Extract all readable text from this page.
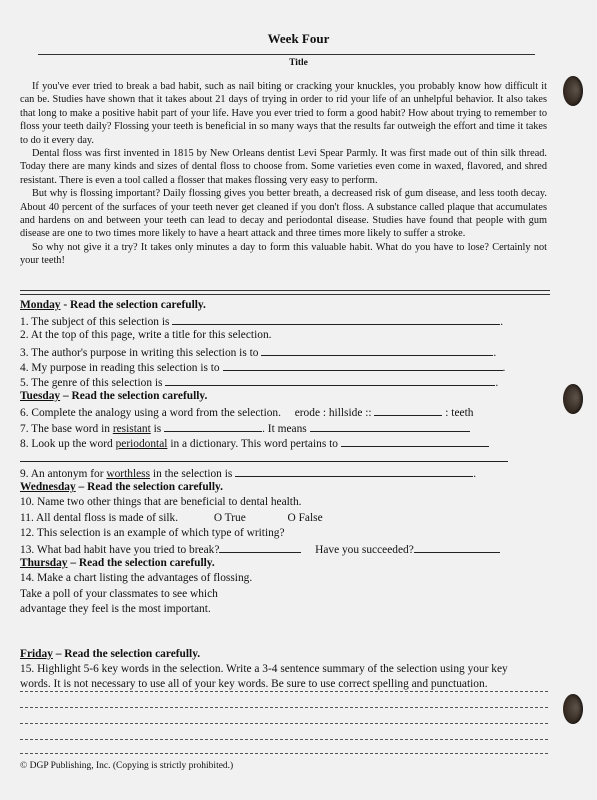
Week Four
Title

If you've ever tried to break a bad habit, such as nail biting or cracking your knuckles, you probably know how difficult it can be. Studies have shown that it takes about 21 days of trying in order to rid your life of an unhelpful behavior. It also takes that long to make a positive habit part of your life. Have you ever tried to form a good habit? How about trying to remember to floss your teeth daily? Flossing your teeth is beneficial in so many ways that the results far outweigh the effort and time it takes to do it every day.

Dental floss was first invented in 1815 by New Orleans dentist Levi Spear Parmly. It was first made out of thin silk thread. Today there are many kinds and sizes of dental floss to choose from. Some varieties even come in waxed, flavored, and shred resistant. There is even a tool called a flosser that makes flossing very easy to perform.

But why is flossing important? Daily flossing gives you better breath, a decreased risk of gum disease, and less tooth decay. About 40 percent of the surfaces of your teeth never get cleaned if you don't floss. A substance called plaque that accumulates and hardens on and between your teeth can lead to decay and periodontal disease. Studies have found that people with gum disease are one to two times more likely to have a heart attack and three times more likely to suffer a stroke.

So why not give it a try? It takes only minutes a day to form this valuable habit. What do you have to lose? Certainly not your teeth!

Monday - Read the selection carefully.
1. The subject of this selection is	.
2. At the top of this page, write a title for this selection.
3. The author's purpose in writing this selection is to	.
4. My purpose in reading this selection is to	.
5. The genre of this selection is	.
Tuesday – Read the selection carefully.
6. Complete the analogy using a word from the selection. erode : hillside ::	: teeth
7. The base word in resistant is	. It means
8. Look up the word periodontal in a dictionary. This word pertains to
9. An antonym for worthless in the selection is	.
Wednesday – Read the selection carefully.
10. Name two other things that are beneficial to dental health.
11. All dental floss is made of silk.	O True	O False
12. This selection is an example of which type of writing?
13. What bad habit have you tried to break?	Have you succeeded?
Thursday – Read the selection carefully.
14. Make a chart listing the advantages of flossing.
Take a poll of your classmates to see which
advantage they feel is the most important.
Friday – Read the selection carefully.
15. Highlight 5-6 key words in the selection. Write a 3-4 sentence summary of the selection using your key
words. It is not necessary to use all of your key words. Be sure to use correct spelling and punctuation.
© DGP Publishing, Inc. (Copying is strictly prohibited.)
